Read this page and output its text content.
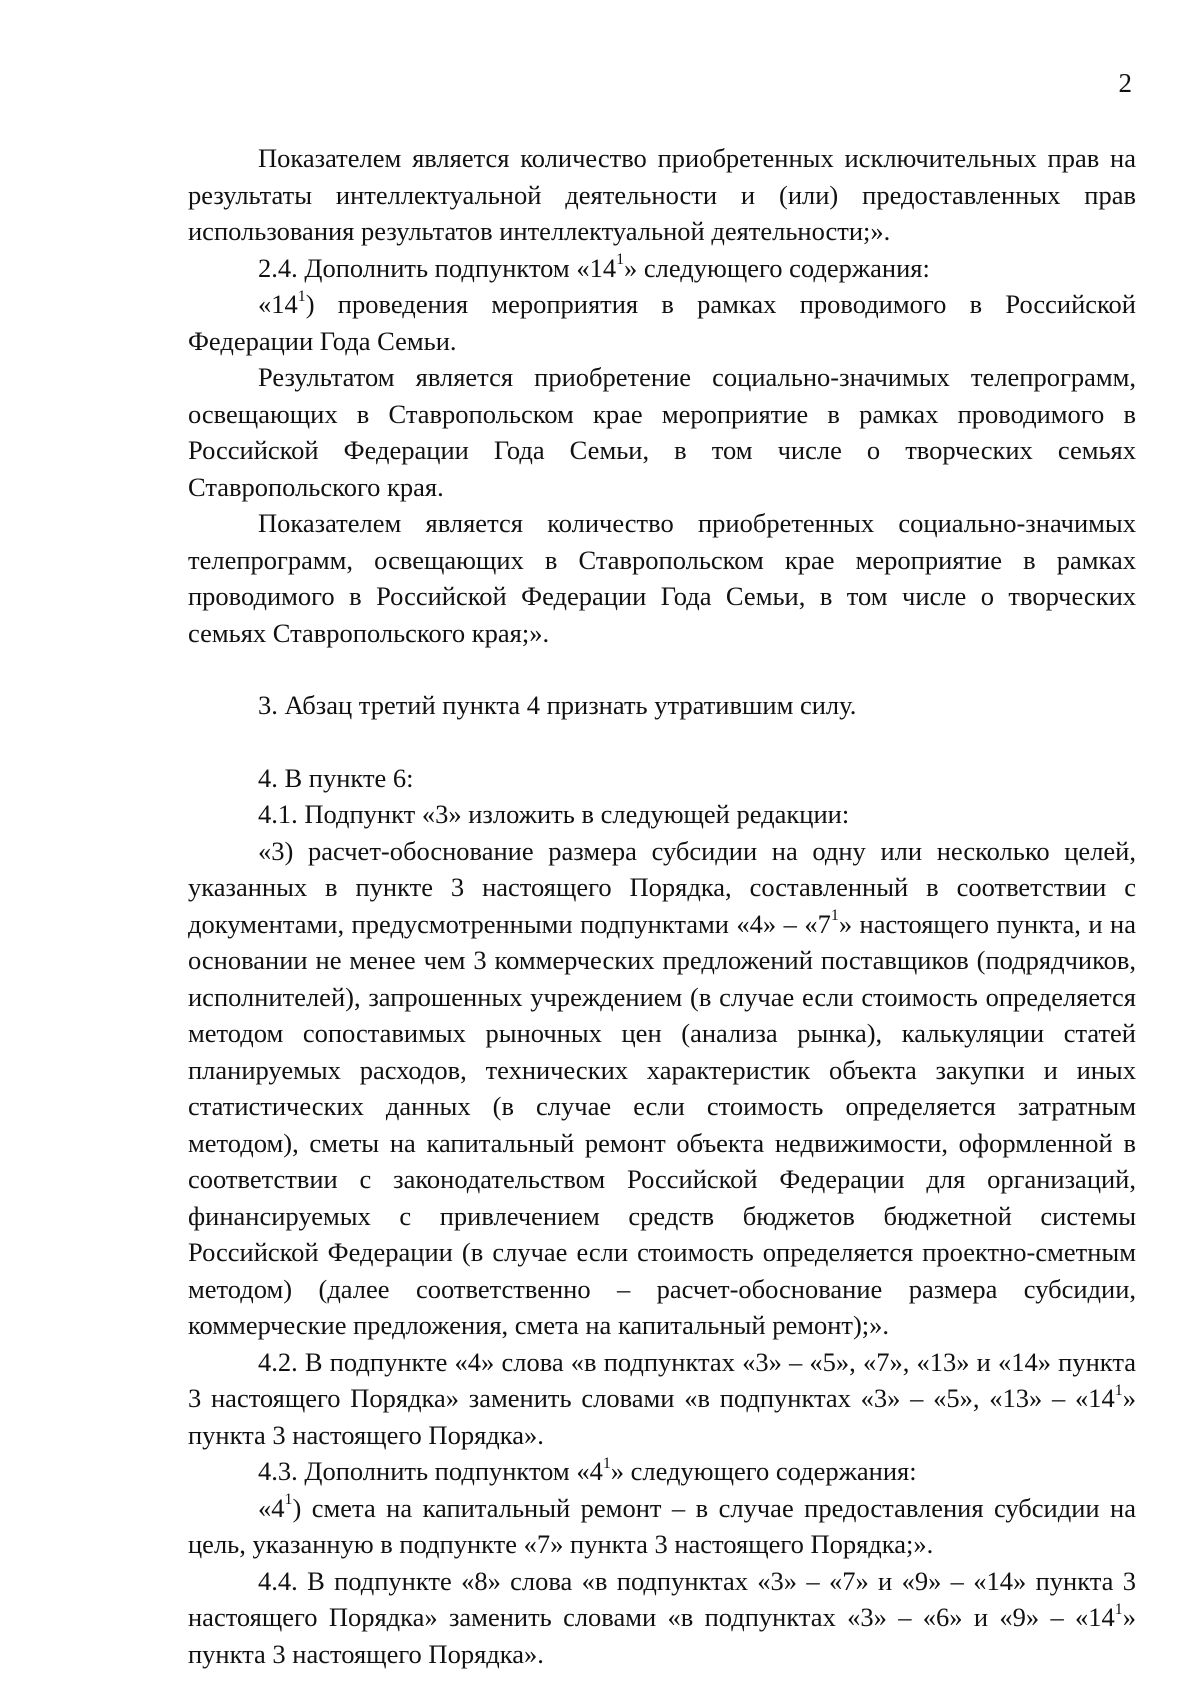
2

Показателем является количество приобретенных исключительных прав на результаты интеллектуальной деятельности и (или) предоставленных прав использования результатов интеллектуальной деятельности;».

2.4. Дополнить подпунктом «$14^1$» следующего содержания:

«$14^1$) проведения мероприятия в рамках проводимого в Российской Федерации Года Семьи.

Результатом является приобретение социально-значимых телепрограмм, освещающих в Ставропольском крае мероприятие в рамках проводимого в Российской Федерации Года Семьи, в том числе о творческих семьях Ставропольского края.

Показателем является количество приобретенных социально-значимых телепрограмм, освещающих в Ставропольском крае мероприятие в рамках проводимого в Российской Федерации Года Семьи, в том числе о творческих семьях Ставропольского края;».

3. Абзац третий пункта 4 признать утратившим силу.

4. В пункте 6:

4.1. Подпункт «3» изложить в следующей редакции:

«3) расчет-обоснование размера субсидии на одну или несколько целей, указанных в пункте 3 настоящего Порядка, составленный в соответствии с документами, предусмотренными подпунктами «4» – «$7^1$» настоящего пункта, и на основании не менее чем 3 коммерческих предложений поставщиков (подрядчиков, исполнителей), запрошенных учреждением (в случае если стоимость определяется методом сопоставимых рыночных цен (анализа рынка), калькуляции статей планируемых расходов, технических характеристик объекта закупки и иных статистических данных (в случае если стоимость определяется затратным методом), сметы на капитальный ремонт объекта недвижимости, оформленной в соответствии с законодательством Российской Федерации для организаций, финансируемых с привлечением средств бюджетов бюджетной системы Российской Федерации (в случае если стоимость определяется проектно-сметным методом) (далее соответственно – расчет-обоснование размера субсидии, коммерческие предложения, смета на капитальный ремонт);».

4.2. В подпункте «4» слова «в подпунктах «3» – «5», «7», «13» и «14» пункта 3 настоящего Порядка» заменить словами «в подпунктах «3» – «5», «13» – «$14^1$» пункта 3 настоящего Порядка».

4.3. Дополнить подпунктом «$4^1$» следующего содержания:

«$4^1$) смета на капитальный ремонт – в случае предоставления субсидии на цель, указанную в подпункте «7» пункта 3 настоящего Порядка;».

4.4. В подпункте «8» слова «в подпунктах «3» – «7» и «9» – «14» пункта 3 настоящего Порядка» заменить словами «в подпунктах «3» – «6» и «9» – «$14^1$» пункта 3 настоящего Порядка».
